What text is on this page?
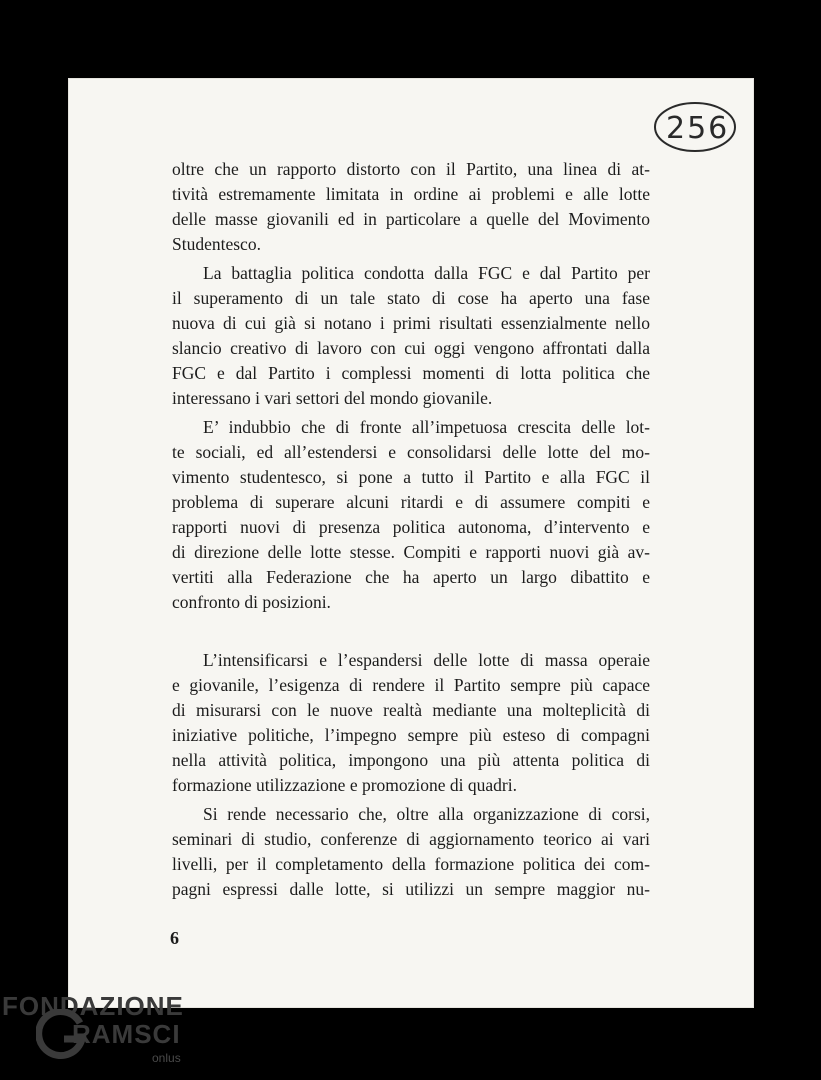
256
oltre che un rapporto distorto con il Partito, una linea di at-
tività estremamente limitata in ordine ai problemi e alle lotte
delle masse giovanili ed in particolare a quelle del Movimento
Studentesco.
La battaglia politica condotta dalla FGC e dal Partito per
il superamento di un tale stato di cose ha aperto una fase
nuova di cui già si notano i primi risultati essenzialmente nello
slancio creativo di lavoro con cui oggi vengono affrontati dalla
FGC e dal Partito i complessi momenti di lotta politica che
interessano i vari settori del mondo giovanile.
E’ indubbio che di fronte all’impetuosa crescita delle lot-
te sociali, ed all’estendersi e consolidarsi delle lotte del mo-
vimento studentesco, si pone a tutto il Partito e alla FGC il
problema di superare alcuni ritardi e di assumere compiti e
rapporti nuovi di presenza politica autonoma, d’intervento e
di direzione delle lotte stesse. Compiti e rapporti nuovi già av-
vertiti alla Federazione che ha aperto un largo dibattito e
confronto di posizioni.
L’intensificarsi e l’espandersi delle lotte di massa operaie
e giovanile, l’esigenza di rendere il Partito sempre più capace
di misurarsi con le nuove realtà mediante una molteplicità di
iniziative politiche, l’impegno sempre più esteso di compagni
nella attività politica, impongono una più attenta politica di
formazione utilizzazione e promozione di quadri.
Si rende necessario che, oltre alla organizzazione di corsi,
seminari di studio, conferenze di aggiornamento teorico ai vari
livelli, per il completamento della formazione politica dei com-
pagni espressi dalle lotte, si utilizzi un sempre maggior nu-
6
FONDAZIONE
RAMSCI
onlus
